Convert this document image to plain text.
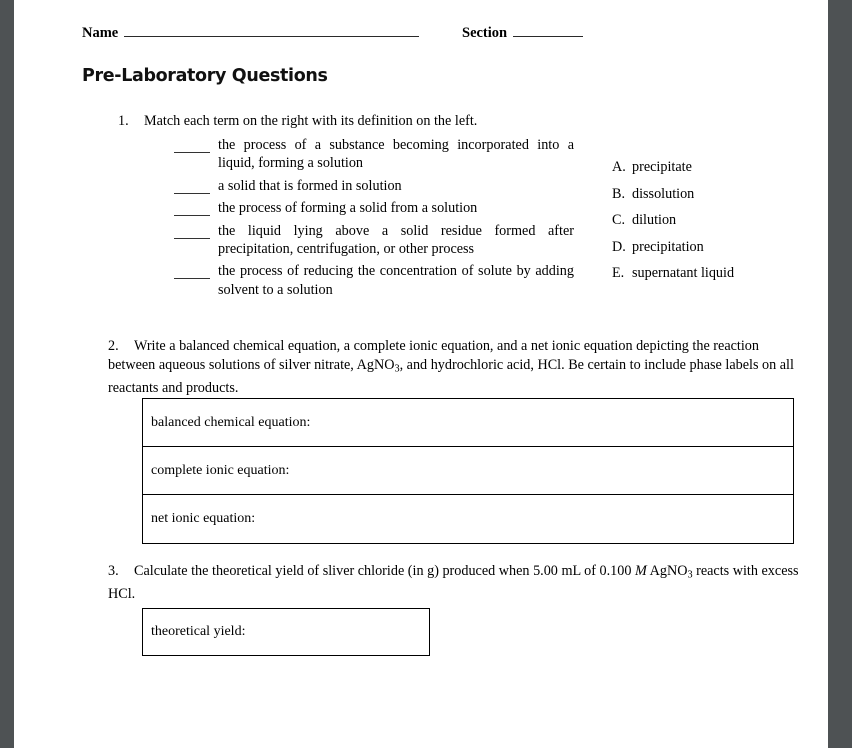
Name	Section
Pre-Laboratory Questions
1.	Match each term on the right with its definition on the left.
the process of a substance becoming incorporated into a liquid, forming a solution
a solid that is formed in solution
the process of forming a solid from a solution
the liquid lying above a solid residue formed after precipitation, centrifugation, or other process
the process of reducing the concentration of solute by adding solvent to a solution
A. precipitate
B. dissolution
C. dilution
D. precipitation
E. supernatant liquid
2.	Write a balanced chemical equation, a complete ionic equation, and a net ionic equation depicting the reaction between aqueous solutions of silver nitrate, AgNO$_3$, and hydrochloric acid, HCl. Be certain to include phase labels on all reactants and products.
balanced chemical equation:
complete ionic equation:
net ionic equation:
3.	Calculate the theoretical yield of sliver chloride (in g) produced when 5.00 mL of 0.100 M AgNO$_3$ reacts with excess HCl.
theoretical yield:
